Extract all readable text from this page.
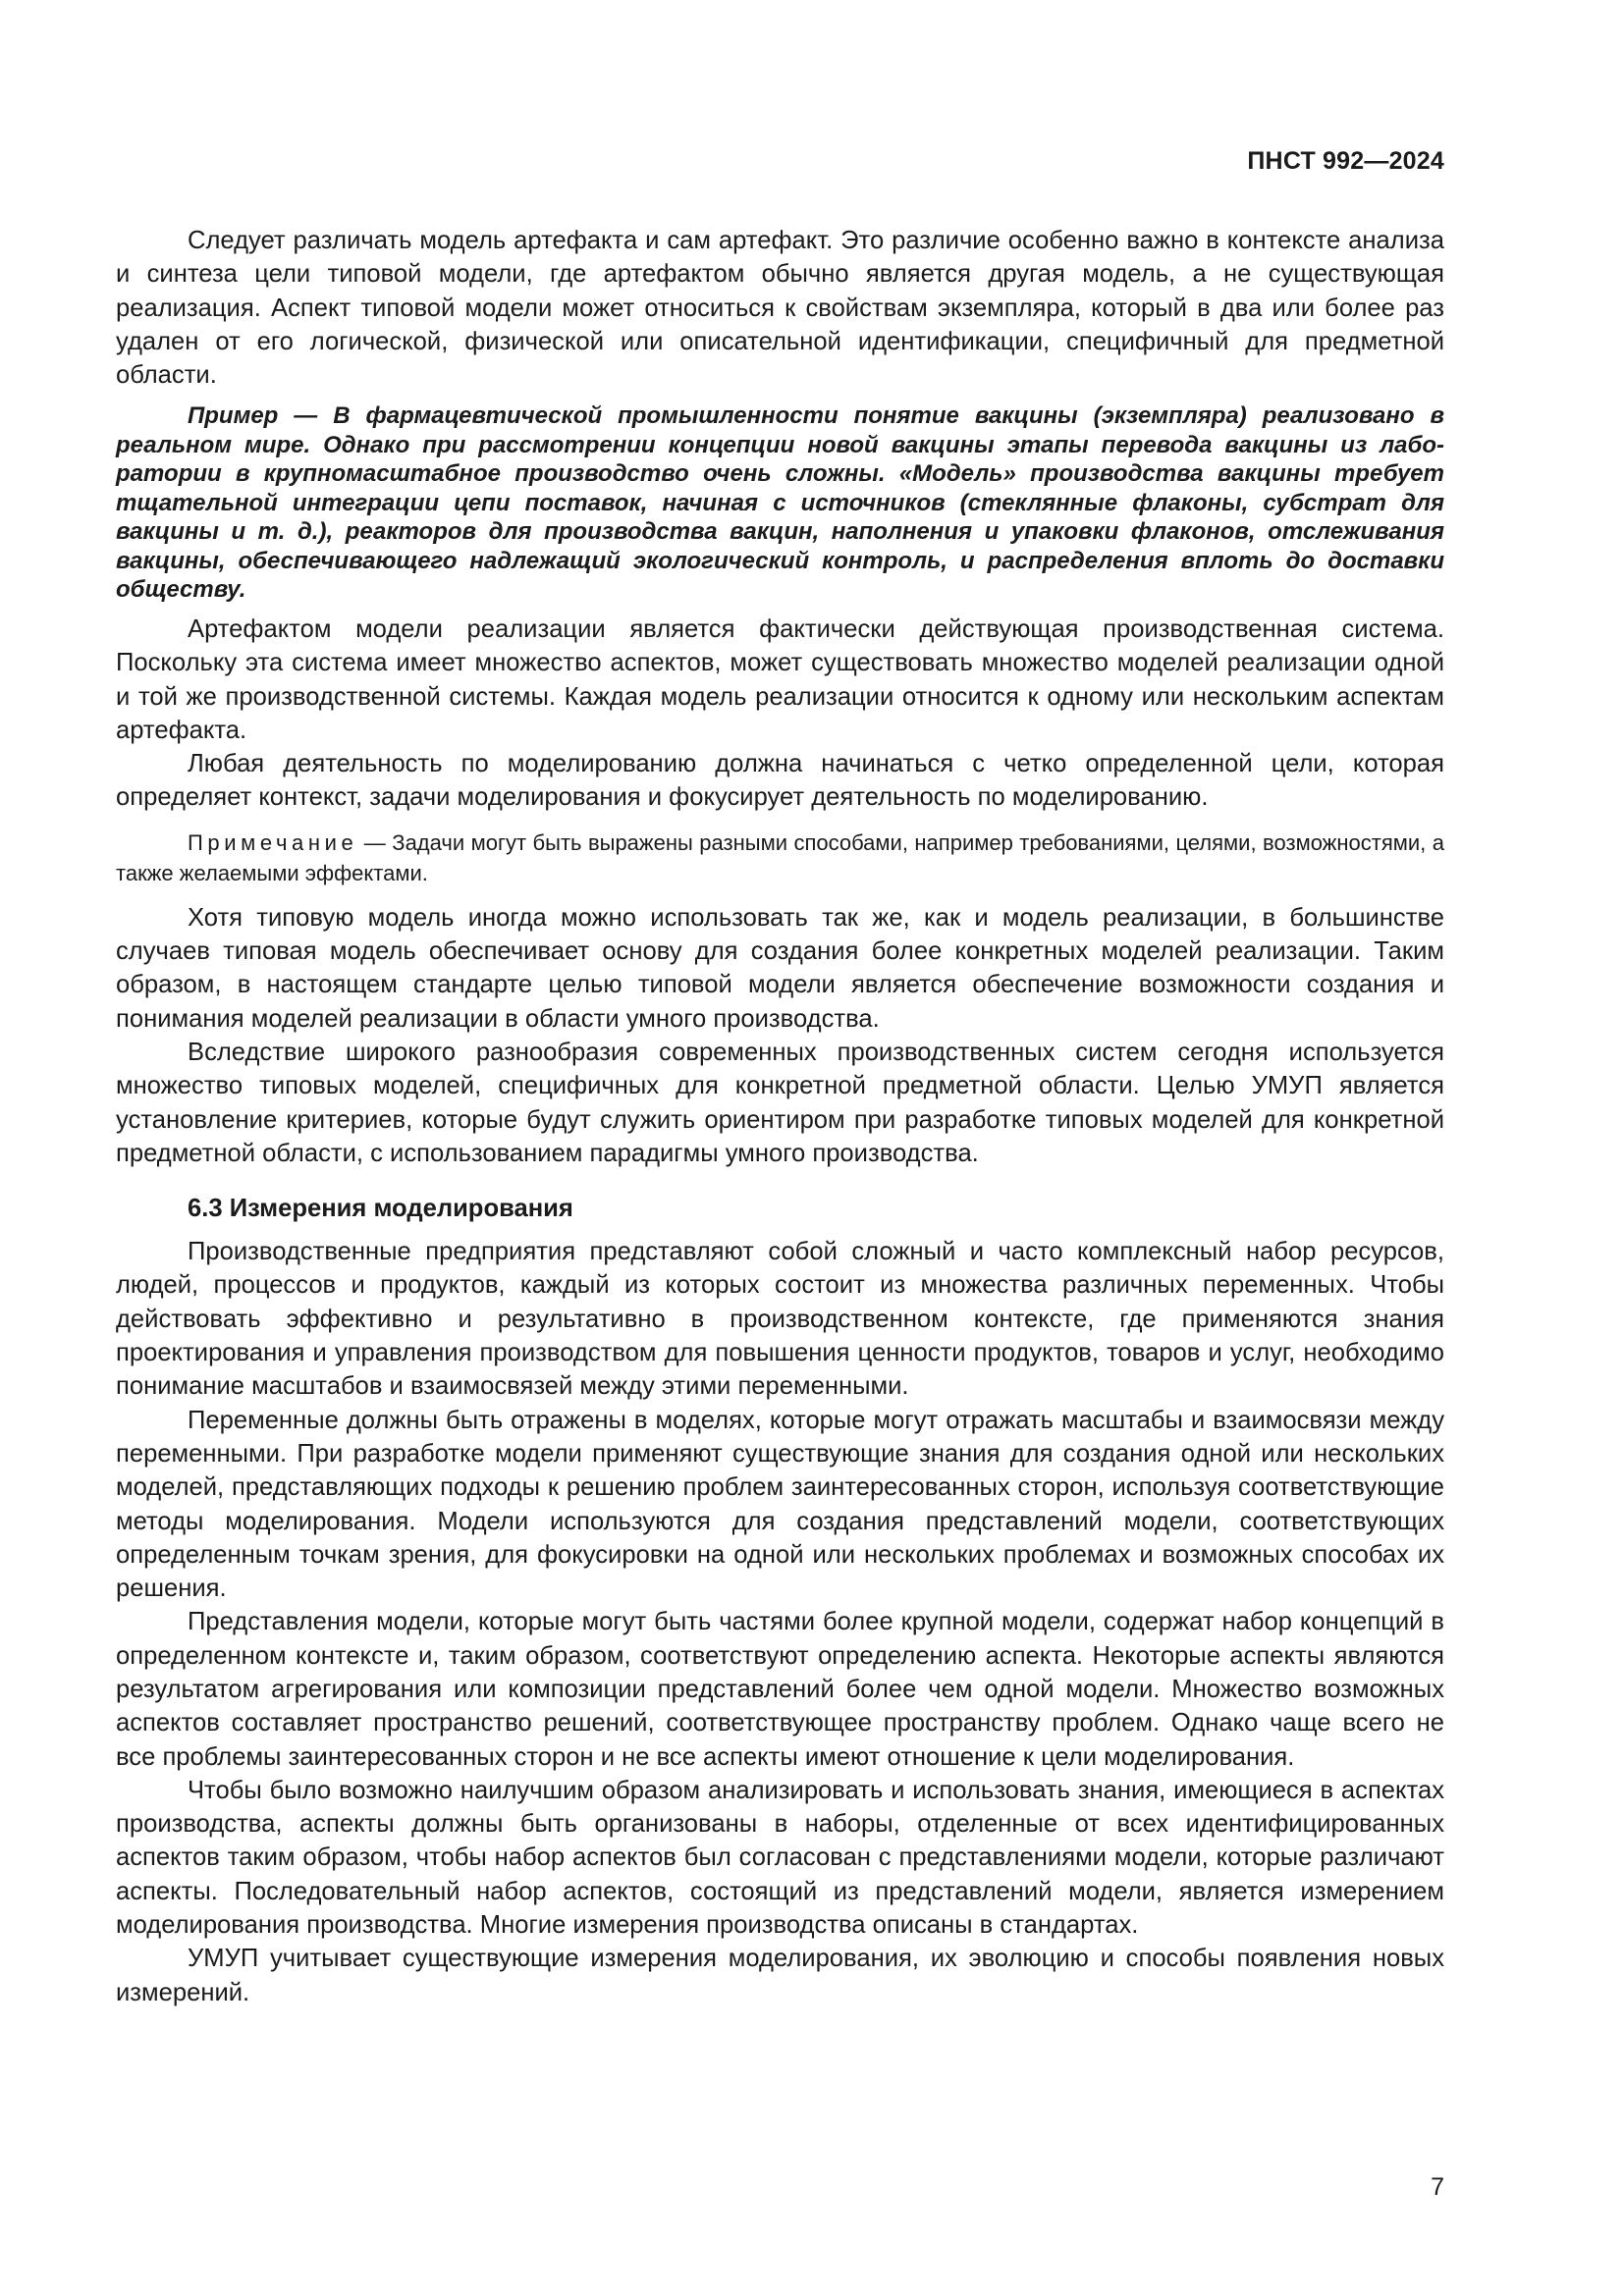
ПНСТ 992—2024

Следует различать модель артефакта и сам артефакт. Это различие особенно важно в контексте анализа и синтеза цели типовой модели, где артефактом обычно является другая модель, а не существующая реализация. Аспект типовой модели может относиться к свойствам экземпляра, который в два или более раз удален от его логической, физической или описательной идентификации, специфичный для предметной области.

Пример — В фармацевтической промышленности понятие вакцины (экземпляра) реализовано в реальном мире. Однако при рассмотрении концепции новой вакцины этапы перевода вакцины из лаборатории в крупномасштабное производство очень сложны. «Модель» производства вакцины требует тщательной интеграции цепи поставок, начиная с источников (стеклянные флаконы, субстрат для вакцины и т. д.), реакторов для производства вакцин, наполнения и упаковки флаконов, отслеживания вакцины, обеспечивающего надлежащий экологический контроль, и распределения вплоть до доставки обществу.

Артефактом модели реализации является фактически действующая производственная система. Поскольку эта система имеет множество аспектов, может существовать множество моделей реализации одной и той же производственной системы. Каждая модель реализации относится к одному или нескольким аспектам артефакта.

Любая деятельность по моделированию должна начинаться с четко определенной цели, которая определяет контекст, задачи моделирования и фокусирует деятельность по моделированию.

Примечание — Задачи могут быть выражены разными способами, например требованиями, целями, возможностями, а также желаемыми эффектами.

Хотя типовую модель иногда можно использовать так же, как и модель реализации, в большинстве случаев типовая модель обеспечивает основу для создания более конкретных моделей реализации. Таким образом, в настоящем стандарте целью типовой модели является обеспечение возможности создания и понимания моделей реализации в области умного производства.

Вследствие широкого разнообразия современных производственных систем сегодня используется множество типовых моделей, специфичных для конкретной предметной области. Целью УМУП является установление критериев, которые будут служить ориентиром при разработке типовых моделей для конкретной предметной области, с использованием парадигмы умного производства.

6.3 Измерения моделирования

Производственные предприятия представляют собой сложный и часто комплексный набор ресурсов, людей, процессов и продуктов, каждый из которых состоит из множества различных переменных. Чтобы действовать эффективно и результативно в производственном контексте, где применяются знания проектирования и управления производством для повышения ценности продуктов, товаров и услуг, необходимо понимание масштабов и взаимосвязей между этими переменными.

Переменные должны быть отражены в моделях, которые могут отражать масштабы и взаимосвязи между переменными. При разработке модели применяют существующие знания для создания одной или нескольких моделей, представляющих подходы к решению проблем заинтересованных сторон, используя соответствующие методы моделирования. Модели используются для создания представлений модели, соответствующих определенным точкам зрения, для фокусировки на одной или нескольких проблемах и возможных способах их решения.

Представления модели, которые могут быть частями более крупной модели, содержат набор концепций в определенном контексте и, таким образом, соответствуют определению аспекта. Некоторые аспекты являются результатом агрегирования или композиции представлений более чем одной модели. Множество возможных аспектов составляет пространство решений, соответствующее пространству проблем. Однако чаще всего не все проблемы заинтересованных сторон и не все аспекты имеют отношение к цели моделирования.

Чтобы было возможно наилучшим образом анализировать и использовать знания, имеющиеся в аспектах производства, аспекты должны быть организованы в наборы, отделенные от всех идентифицированных аспектов таким образом, чтобы набор аспектов был согласован с представлениями модели, которые различают аспекты. Последовательный набор аспектов, состоящий из представлений модели, является измерением моделирования производства. Многие измерения производства описаны в стандартах.

УМУП учитывает существующие измерения моделирования, их эволюцию и способы появления новых измерений.

7
